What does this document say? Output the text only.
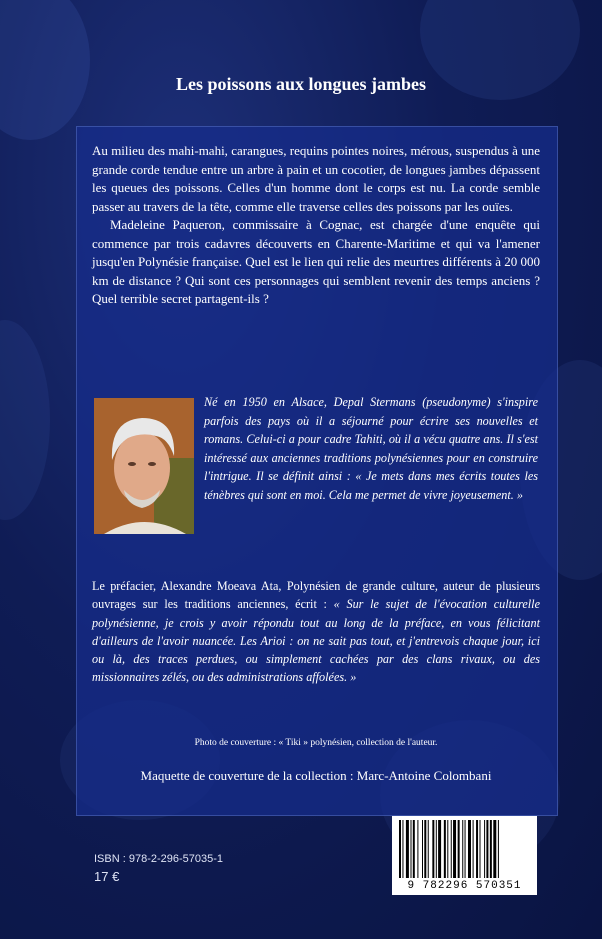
Les poissons aux longues jambes

Au milieu des mahi-mahi, carangues, requins pointes noires, mérous, suspendus à une grande corde tendue entre un arbre à pain et un cocotier, de longues jambes dépassent les queues des poissons. Celles d'un homme dont le corps est nu. La corde semble passer au travers de la tête, comme elle traverse celles des poissons par les ouïes.

Madeleine Paqueron, commissaire à Cognac, est chargée d'une enquête qui commence par trois cadavres découverts en Charente-Maritime et qui va l'amener jusqu'en Polynésie française. Quel est le lien qui relie des meurtres différents à 20 000 km de distance ? Qui sont ces personnages qui semblent revenir des temps anciens ? Quel terrible secret partagent-ils ?

Né en 1950 en Alsace, Depal Stermans (pseudonyme) s'inspire parfois des pays où il a séjourné pour écrire ses nouvelles et romans. Celui-ci a pour cadre Tahiti, où il a vécu quatre ans. Il s'est intéressé aux anciennes traditions polynésiennes pour en construire l'intrigue. Il se définit ainsi : « Je mets dans mes écrits toutes les ténèbres qui sont en moi. Cela me permet de vivre joyeusement. »
Le préfacier, Alexandre Moeava Ata, Polynésien de grande culture, auteur de plusieurs ouvrages sur les traditions anciennes, écrit : « Sur le sujet de l'évocation culturelle polynésienne, je crois y avoir répondu tout au long de la préface, en vous félicitant d'ailleurs de l'avoir nuancée. Les Arioi : on ne sait pas tout, et j'entrevois chaque jour, ici ou là, des traces perdues, ou simplement cachées par des clans rivaux, ou des missionnaires zélés, ou des administrations affolées. »
Photo de couverture : « Tiki » polynésien, collection de l'auteur.
Maquette de couverture de la collection : Marc-Antoine Colombani
ISBN : 978-2-296-57035-1
17 €
9 782296 570351
